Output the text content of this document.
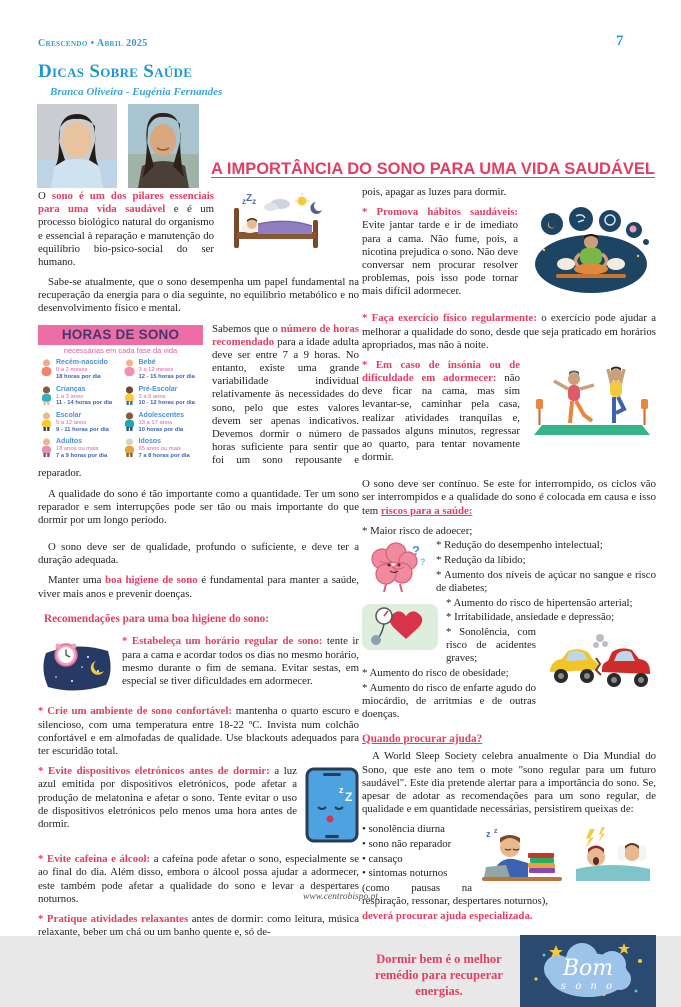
Crescendo • Abril 2025	7
Dicas Sobre Saúde
Branca Oliveira - Eugénia Fernandes
A IMPORTÂNCIA DO SONO PARA UMA VIDA SAUDÁVEL

O sono é um dos pilares essenciais para uma vida saudável e é um processo biológico natural do organismo e essencial à reparação e manutenção do equilíbrio bio-psico-social do ser humano.

zZz

Sabe-se atualmente, que o sono desempenha um papel fundamental na recuperação da energia para o dia seguinte, no equilíbrio metabólico e no desenvolvimento físico e mental.

HORAS DE SONO
necessárias em cada fase da vida
Recém-nascido
0 a 2 meses
18 horas por dia
Bebé
3 a 12 meses
12 - 15 horas por dia
Crianças
1 a 3 anos
11 - 14 horas por dia
Pré-Escolar
3 a 5 anos
10 - 12 horas por dia
Escolar
5 a 12 anos
9 - 11 horas por dia
Adolescentes
13 a 17 anos
10 horas por dia
Adultos
18 anos ou mais
7 a 9 horas por dia
Idosos
65 anos ou mais
7 a 8 horas por dia

Sabemos que o número de horas recomendado para a idade adulta deve ser entre 7 a 9 horas. No entanto, existe uma grande variabilidade individual relativamente às necessidades do sono, pelo que estes valores devem ser apenas indicativos. Devemos dormir o número de horas suficiente para sentir que foi um sono repousante e reparador.

A qualidade do sono é tão importante como a quantidade. Ter um sono reparador e sem interrupções pode ser tão ou mais importante do que dormir por um longo período.

O sono deve ser de qualidade, profundo o suficiente, e deve ter a duração adequada.

Manter uma boa higiene de sono é fundamental para manter a saúde, viver mais anos e prevenir doenças.

Recomendações para uma boa higiene do sono:

* Estabeleça um horário regular de sono: tente ir para a cama e acordar todos os dias no mesmo horário, mesmo durante o fim de semana. Evitar sestas, em especial se tiver dificuldades em adormecer.

* Crie um ambiente de sono confortável: mantenha o quarto escuro e silencioso, com uma temperatura entre 18-22 ºC. Invista num colchão confortável e em almofadas de qualidade. Use blackouts adequados para ter escuridão total.

z Z

* Evite dispositivos eletrónicos antes de dormir: a luz azul emitida por dispositivos eletrónicos, pode afetar a produção de melatonina e afetar o sono. Tente evitar o uso de dispositivos eletrónicos pelo menos uma hora antes de dormir.

* Evite cafeína e álcool: a cafeína pode afetar o sono, especialmente se ao final do dia. Além disso, embora o álcool possa ajudar a adormecer, este também pode afetar a qualidade do sono e levar a despertares noturnos.

* Pratique atividades relaxantes antes de dormir: como leitura, música relaxante, beber um chá ou um banho quente e, só de-

pois, apagar as luzes para dormir.

* Promova hábitos saudáveis: Evite jantar tarde e ir de imediato para a cama. Não fume, pois, a nicotina prejudica o sono. Não deve conversar nem procurar resolver problemas, pois isso pode tornar mais difícil adormecer.

* Faça exercício físico regularmente: o exercício pode ajudar a melhorar a qualidade do sono, desde que seja praticado em horários apropriados, mas não à noite.

* Em caso de insónia ou de dificuldade em adormecer: não deve ficar na cama, mas sim levantar-se, caminhar pela casa, realizar atividades tranquilas e, passados alguns minutos, regressar ao quarto, para tentar novamente dormir.

O sono deve ser contínuo. Se este for interrompido, os ciclos vão ser interrompidos e a qualidade do sono é colocada em causa e isso tem riscos para a saúde:

* Maior risco de adoecer;
?
?
* Redução do desempenho intelectual;
* Redução da líbido;
* Aumento dos níveis de açúcar no sangue e risco de diabetes;
* Aumento do risco de hipertensão arterial;
* Irritabilidade, ansiedade e depressão;
* Sonolência, com risco de acidentes graves;
* Aumento do risco de obesidade;
* Aumento do risco de enfarte agudo do miocárdio, de arritmias e de outras doenças.
Quando procurar ajuda?

A World Sleep Society celebra anualmente o Dia Mundial do Sono, que este ano tem o mote "sono regular para um futuro saudável". Este dia pretende alertar para a importância do sono. Se, apesar de adotar as recomendações para um sono regular, de qualidade e em quantidade necessárias, persistirem queixas de:

z z
• sonolência diurna
• sono não reparador
• cansaço
• sintomas noturnos
(como pausas na respiração, ressonar, despertares noturnos),
deverá procurar ajuda especializada.
Dormir bem é o melhor remédio para recuperar energias.
Bom
s o n o
www.centrobispo.pt
